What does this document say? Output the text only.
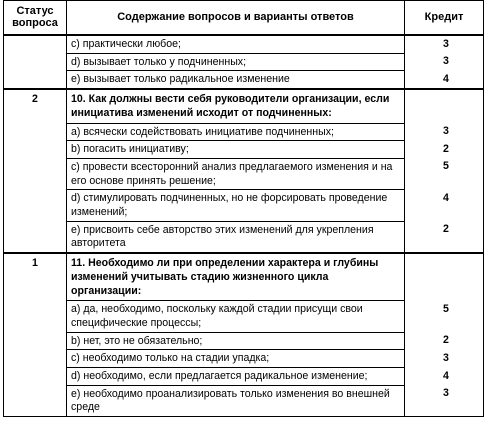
Статус вопроса	Содержание вопросов и варианты ответов	Кредит
	c) практически любое;	3
	d) вызывает только у подчиненных;	3
	e) вызывает только радикальное изменение	4
2	10. Как должны вести себя руководители организации, если инициатива изменений исходит от подчиненных:	
	a) всячески содействовать инициативе подчиненных;	3
	b) погасить инициативу;	2
	c) провести всесторонний анализ предлагаемого изменения и на его основе принять решение;	5
	d) стимулировать подчиненных, но не форсировать проведение изменений;	4
	e) присвоить себе авторство этих изменений для укрепления авторитета	2
1	11. Необходимо ли при определении характера и глубины изменений учитывать стадию жизненного цикла организации:	
	a) да, необходимо, поскольку каждой стадии присущи свои специфические процессы;	5
	b) нет, это не обязательно;	2
	c) необходимо только на стадии упадка;	3
	d) необходимо, если предлагается радикальное изменение;	4
	e) необходимо проанализировать только изменения во внешней среде	3
